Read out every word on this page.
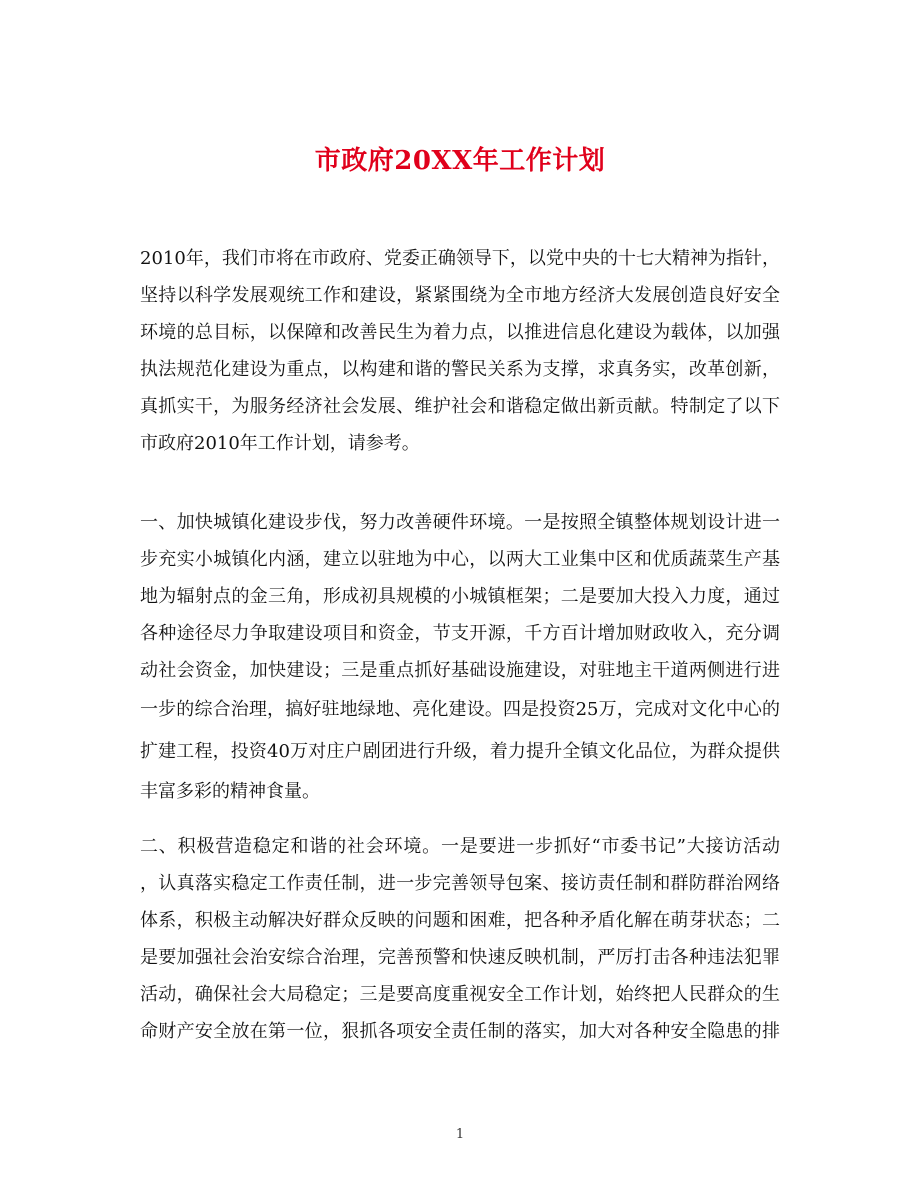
市政府20XX年工作计划
2010年，我们市将在市政府、党委正确领导下，以党中央的十七大精神为指针，
坚持以科学发展观统工作和建设，紧紧围绕为全市地方经济大发展创造良好安全
环境的总目标，以保障和改善民生为着力点，以推进信息化建设为载体，以加强
执法规范化建设为重点，以构建和谐的警民关系为支撑，求真务实，改革创新，
真抓实干，为服务经济社会发展、维护社会和谐稳定做出新贡献。特制定了以下
市政府2010年工作计划，请参考。
一、加快城镇化建设步伐，努力改善硬件环境。一是按照全镇整体规划设计进一
步充实小城镇化内涵，建立以驻地为中心，以两大工业集中区和优质蔬菜生产基
地为辐射点的金三角，形成初具规模的小城镇框架；二是要加大投入力度，通过
各种途径尽力争取建设项目和资金，节支开源，千方百计增加财政收入，充分调
动社会资金，加快建设；三是重点抓好基础设施建设，对驻地主干道两侧进行进
一步的综合治理，搞好驻地绿地、亮化建设。四是投资25万，完成对文化中心的
扩建工程，投资40万对庄户剧团进行升级，着力提升全镇文化品位，为群众提供
丰富多彩的精神食量。
二、积极营造稳定和谐的社会环境。一是要进一步抓好“市委书记”大接访活动
，认真落实稳定工作责任制，进一步完善领导包案、接访责任制和群防群治网络
体系，积极主动解决好群众反映的问题和困难，把各种矛盾化解在萌芽状态；二
是要加强社会治安综合治理，完善预警和快速反映机制，严厉打击各种违法犯罪
活动，确保社会大局稳定；三是要高度重视安全工作计划，始终把人民群众的生
命财产安全放在第一位，狠抓各项安全责任制的落实，加大对各种安全隐患的排
1
